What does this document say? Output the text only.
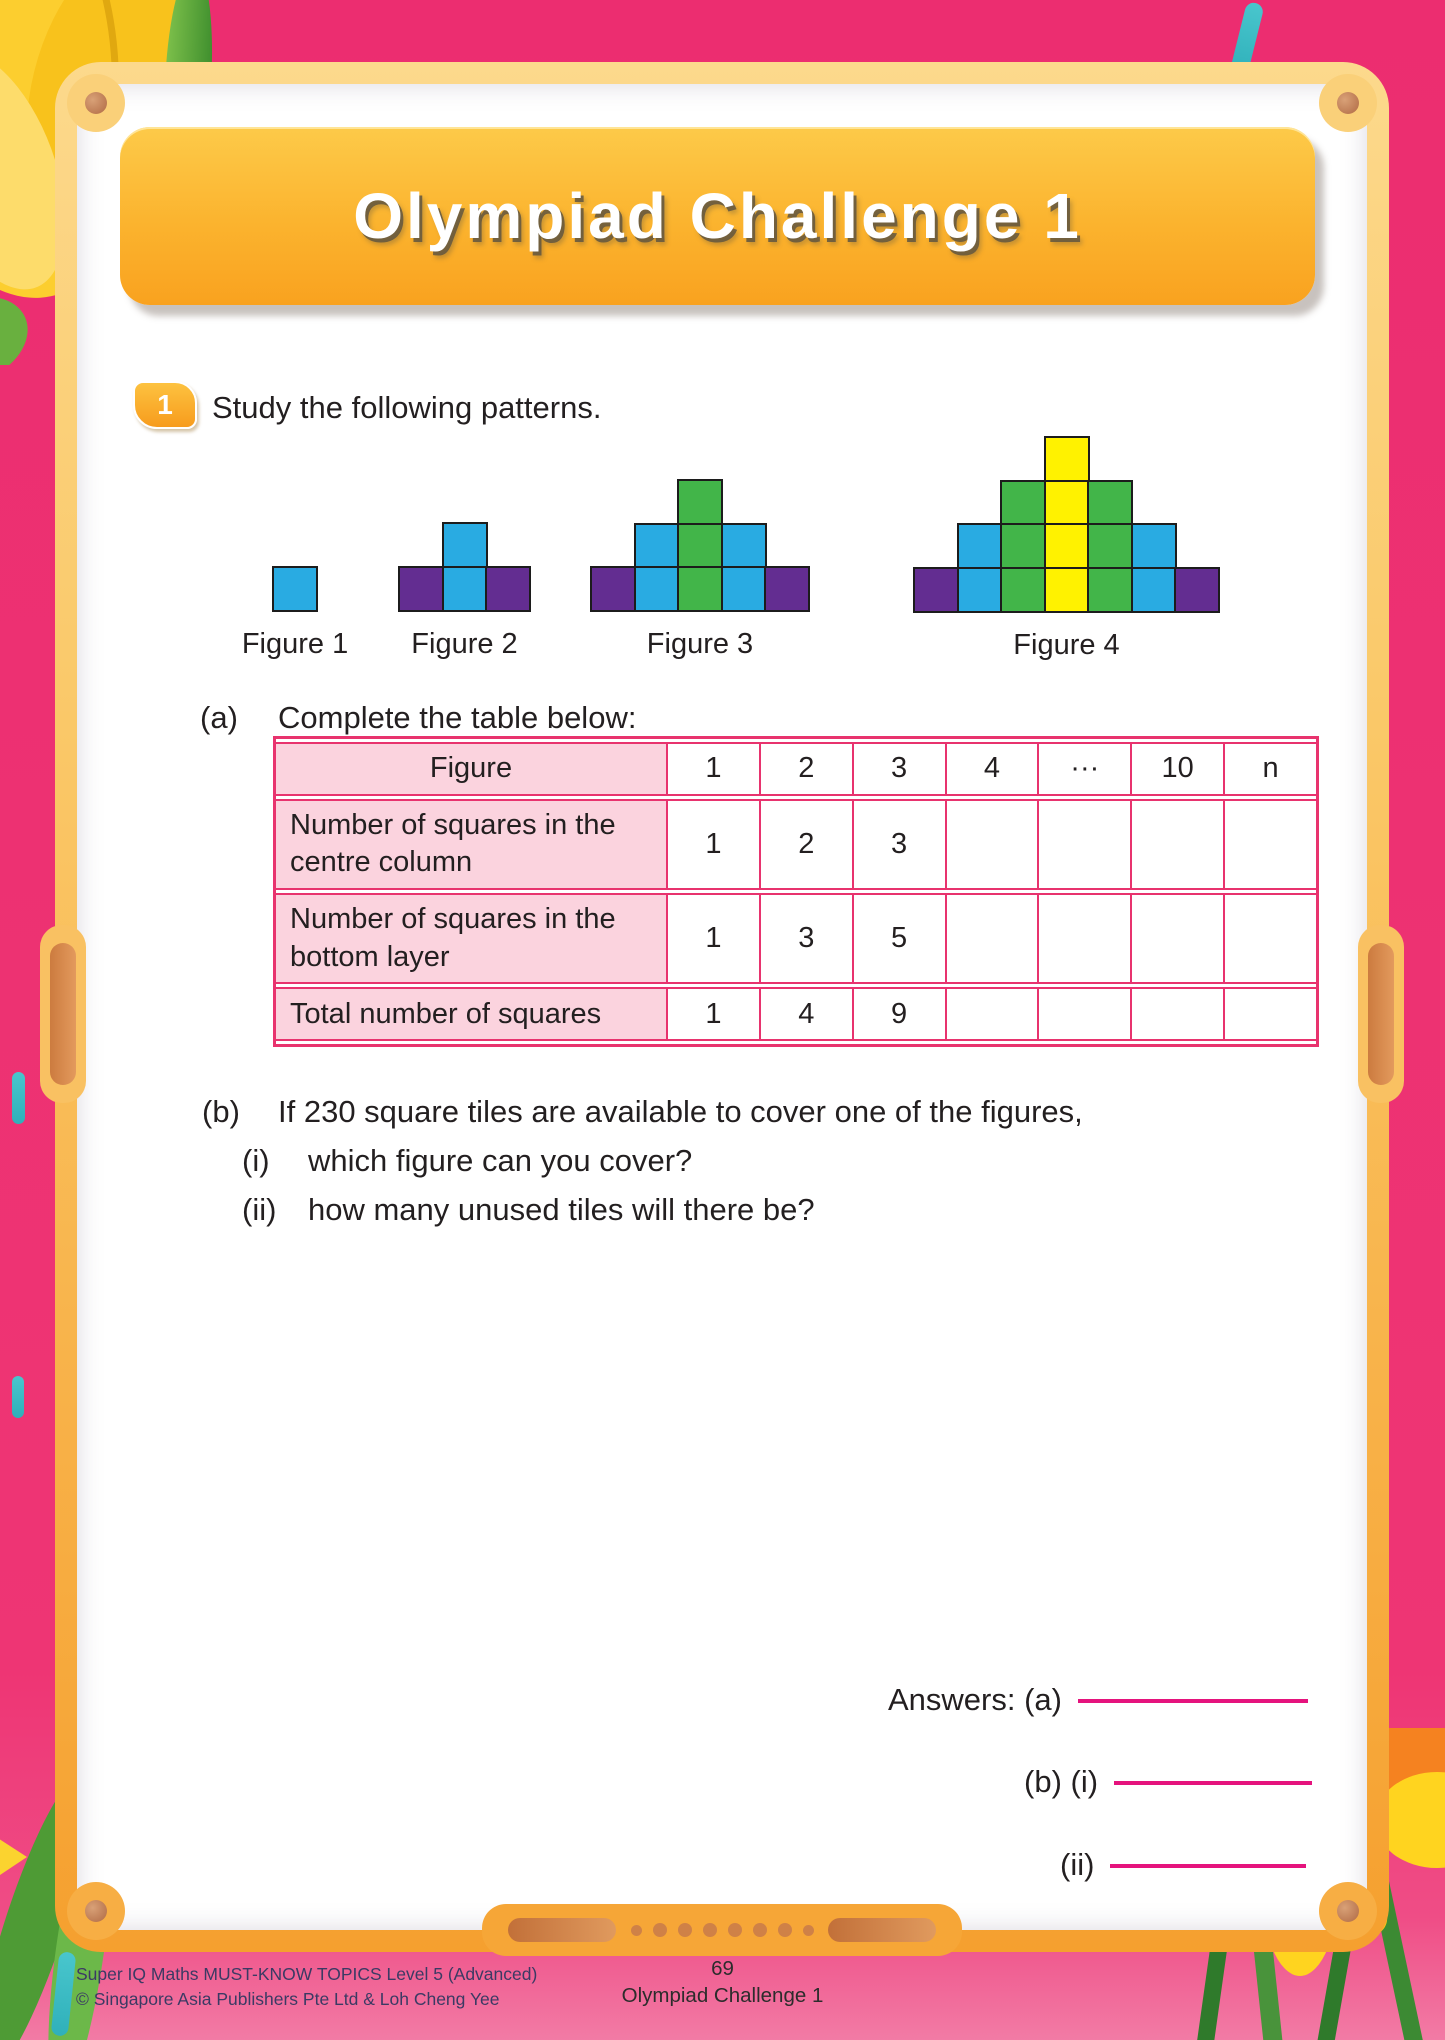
Olympiad Challenge 1
1 Study the following patterns.
Figure 1 Figure 2	Figure 3	Figure 4
(a)	Complete the table below:
Figure	1	2	3	4	···	10	n
Number of squares in the centre column	1	2	3				
Number of squares in the bottom layer	1	3	5				
Total number of squares	1	4	9				
(b)	If 230 square tiles are available to cover one of the figures,
(i)	which figure can you cover?
(ii)	how many unused tiles will there be?
Answers: (a)
(b) (i)
(ii)
Super IQ Maths MUST-KNOW TOPICS Level 5 (Advanced)
© Singapore Asia Publishers Pte Ltd & Loh Cheng Yee
69
Olympiad Challenge 1
